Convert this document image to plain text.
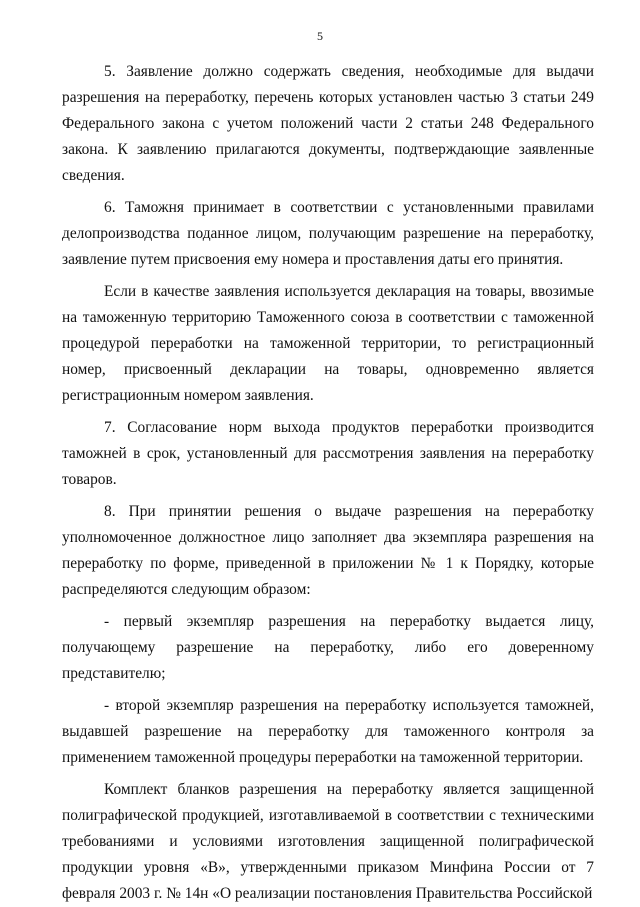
5

5. Заявление должно содержать сведения, необходимые для выдачи разрешения на переработку, перечень которых установлен частью 3 статьи 249 Федерального закона с учетом положений части 2 статьи 248 Федерального закона. К заявлению прилагаются документы, подтверждающие заявленные сведения.

6. Таможня принимает в соответствии с установленными правилами делопроизводства поданное лицом, получающим разрешение на переработку, заявление путем присвоения ему номера и проставления даты его принятия.

Если в качестве заявления используется декларация на товары, ввозимые на таможенную территорию Таможенного союза в соответствии с таможенной процедурой переработки на таможенной территории, то регистрационный номер, присвоенный декларации на товары, одновременно является регистрационным номером заявления.

7. Согласование норм выхода продуктов переработки производится таможней в срок, установленный для рассмотрения заявления на переработку товаров.

8. При принятии решения о выдаче разрешения на переработку уполномоченное должностное лицо заполняет два экземпляра разрешения на переработку по форме, приведенной в приложении № 1 к Порядку, которые распределяются следующим образом:

- первый экземпляр разрешения на переработку выдается лицу, получающему разрешение на переработку, либо его доверенному представителю;

- второй экземпляр разрешения на переработку используется таможней, выдавшей разрешение на переработку для таможенного контроля за применением таможенной процедуры переработки на таможенной территории.

Комплект бланков разрешения на переработку является защищенной полиграфической продукцией, изготавливаемой в соответствии с техническими требованиями и условиями изготовления защищенной полиграфической продукции уровня «В», утвержденными приказом Минфина России от 7 февраля 2003 г. № 14н «О реализации постановления Правительства Российской
